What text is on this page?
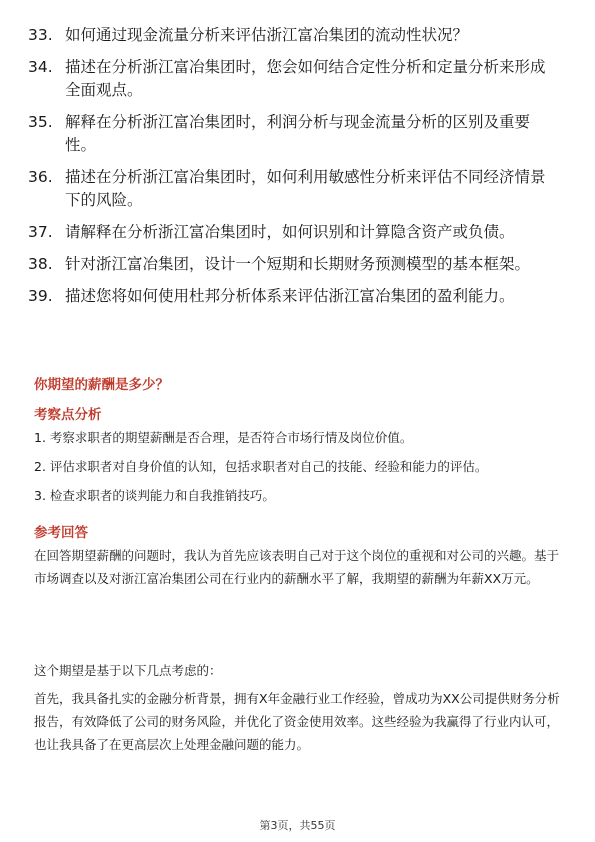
33. 如何通过现金流量分析来评估浙江富冶集团的流动性状况？
34. 描述在分析浙江富冶集团时，您会如何结合定性分析和定量分析来形成全面观点。
35. 解释在分析浙江富冶集团时，利润分析与现金流量分析的区别及重要性。
36. 描述在分析浙江富冶集团时，如何利用敏感性分析来评估不同经济情景下的风险。
37. 请解释在分析浙江富冶集团时，如何识别和计算隐含资产或负债。
38. 针对浙江富冶集团，设计一个短期和长期财务预测模型的基本框架。
39. 描述您将如何使用杜邦分析体系来评估浙江富冶集团的盈利能力。
你期望的薪酬是多少？
考察点分析
1. 考察求职者的期望薪酬是否合理，是否符合市场行情及岗位价值。
2. 评估求职者对自身价值的认知，包括求职者对自己的技能、经验和能力的评估。
3. 检查求职者的谈判能力和自我推销技巧。
参考回答
在回答期望薪酬的问题时，我认为首先应该表明自己对于这个岗位的重视和对公司的兴趣。基于市场调查以及对浙江富冶集团公司在行业内的薪酬水平了解，我期望的薪酬为年薪XX万元。
这个期望是基于以下几点考虑的：
首先，我具备扎实的金融分析背景，拥有X年金融行业工作经验，曾成功为XX公司提供财务分析报告，有效降低了公司的财务风险，并优化了资金使用效率。这些经验为我赢得了行业内认可，也让我具备了在更高层次上处理金融问题的能力。
第3页，共55页
